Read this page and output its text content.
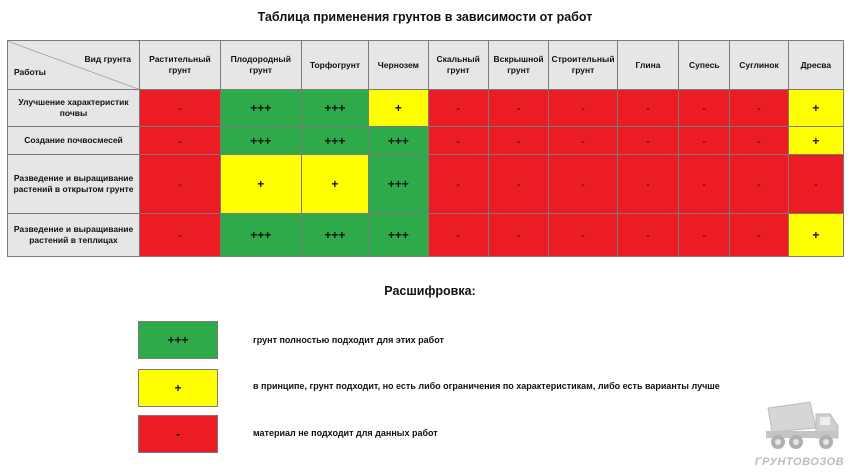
Таблица применения грунтов в зависимости от работ
Вид грунта
Работы	Растительный грунт	Плодородный грунт	Торфогрунт	Чернозем	Скальный грунт	Вскрышной грунт	Строительный грунт	Глина	Супесь	Суглинок	Дресва
Улучшение характеристик почвы	-	+++	+++	+	-	-	-	-	-	-	+
Создание почвосмесей	-	+++	+++	+++	-	-	-	-	-	-	+
Разведение и выращивание растений в открытом грунте	-	+	+	+++	-	-	-	-	-	-	-
Разведение и выращивание растений в теплицах	-	+++	+++	+++	-	-	-	-	-	-	+
Расшифровка:
+++	грунт полностью подходит для этих работ
+	в принципе, грунт подходит, но есть либо ограничения по характеристикам, либо есть варианты лучше
-	материал не подходит для данных работ
ГРУНТОВОЗОВ
